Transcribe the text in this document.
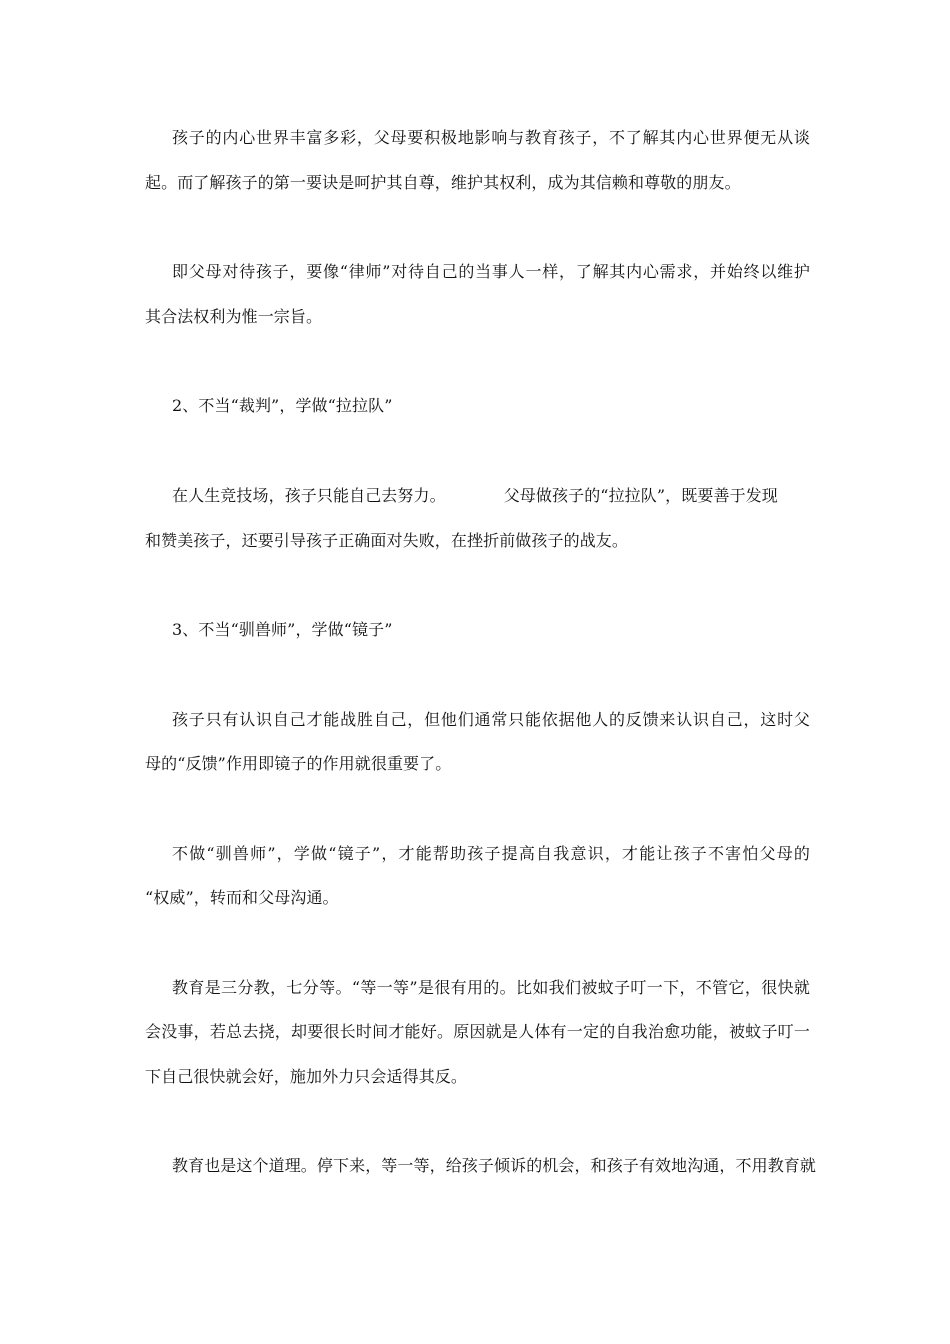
孩子的内心世界丰富多彩，父母要积极地影响与教育孩子，不了解其内心世界便无从谈
起。而了解孩子的第一要诀是呵护其自尊，维护其权利，成为其信赖和尊敬的朋友。
即父母对待孩子，要像“律师”对待自己的当事人一样，了解其内心需求，并始终以维护
其合法权利为惟一宗旨。
2、不当“裁判”，学做“拉拉队”
在人生竞技场，孩子只能自己去努力。	父母做孩子的“拉拉队”，既要善于发现
和赞美孩子，还要引导孩子正确面对失败，在挫折前做孩子的战友。
3、不当“驯兽师”，学做“镜子”
孩子只有认识自己才能战胜自己，但他们通常只能依据他人的反馈来认识自己，这时父
母的“反馈”作用即镜子的作用就很重要了。
不做“驯兽师”，学做“镜子”，才能帮助孩子提高自我意识，才能让孩子不害怕父母的
“权威”，转而和父母沟通。
教育是三分教，七分等。“等一等”是很有用的。比如我们被蚊子叮一下，不管它，很快就
会没事，若总去挠，却要很长时间才能好。原因就是人体有一定的自我治愈功能，被蚊子叮一
下自己很快就会好，施加外力只会适得其反。
教育也是这个道理。停下来，等一等，给孩子倾诉的机会，和孩子有效地沟通，不用教育就
